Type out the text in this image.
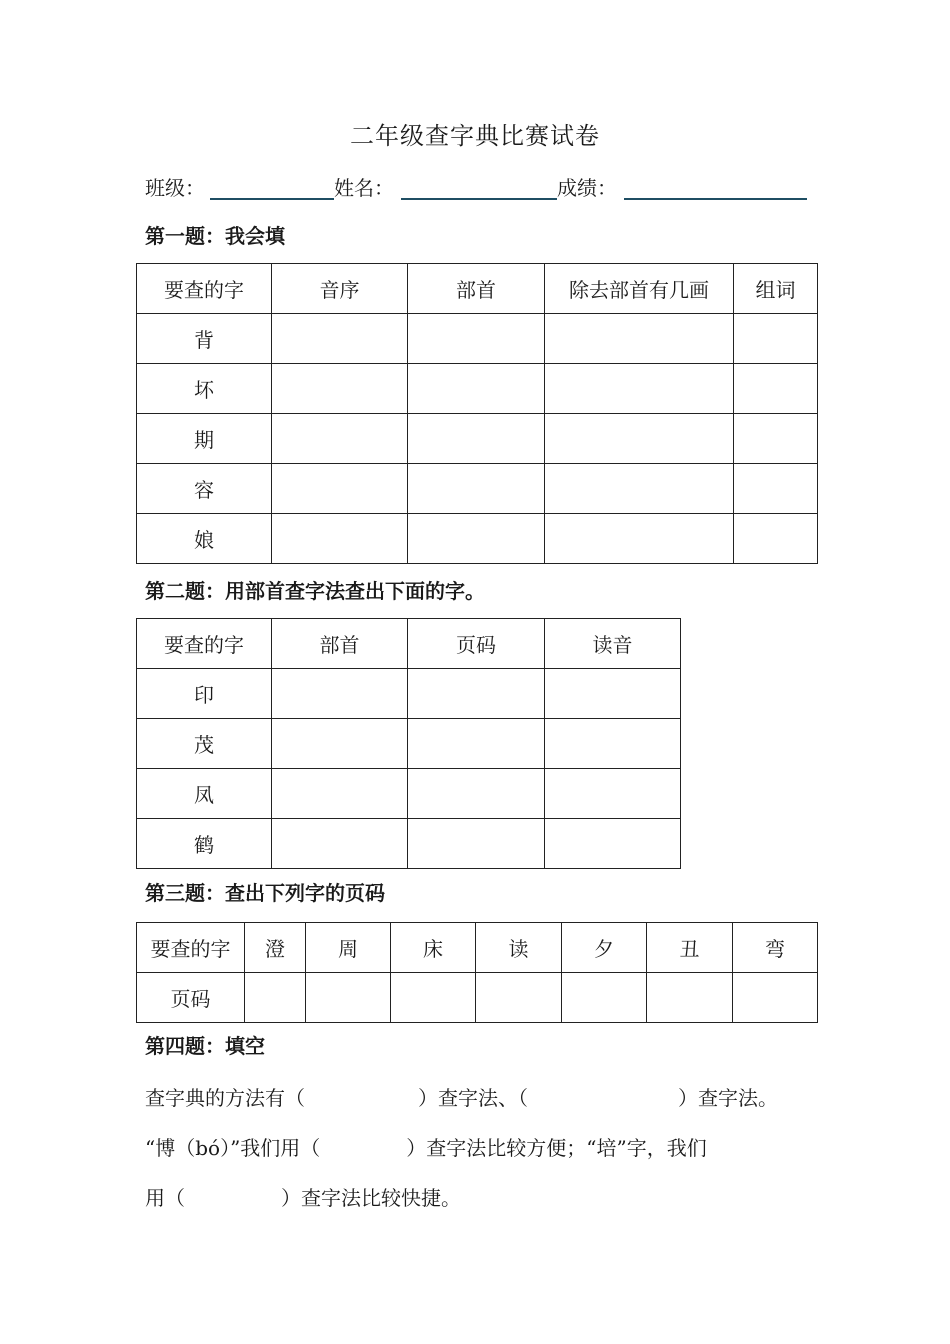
二年级查字典比赛试卷
班级：	姓名：	成绩：
第一题：我会填
要查的字	音序	部首	除去部首有几画	组词
背				
坏				
期				
容				
娘				
第二题：用部首查字法查出下面的字。
要查的字	部首	页码	读音
印			
茂			
凤			
鹤			
第三题：查出下列字的页码
要查的字	澄	周	床	读	夕	丑	弯
页码							
第四题：填空
查字典的方法有（	）查字法、（	）查字法。
“博（bó）”我们用（	）查字法比较方便；“培”字，我们
用（	）查字法比较快捷。
